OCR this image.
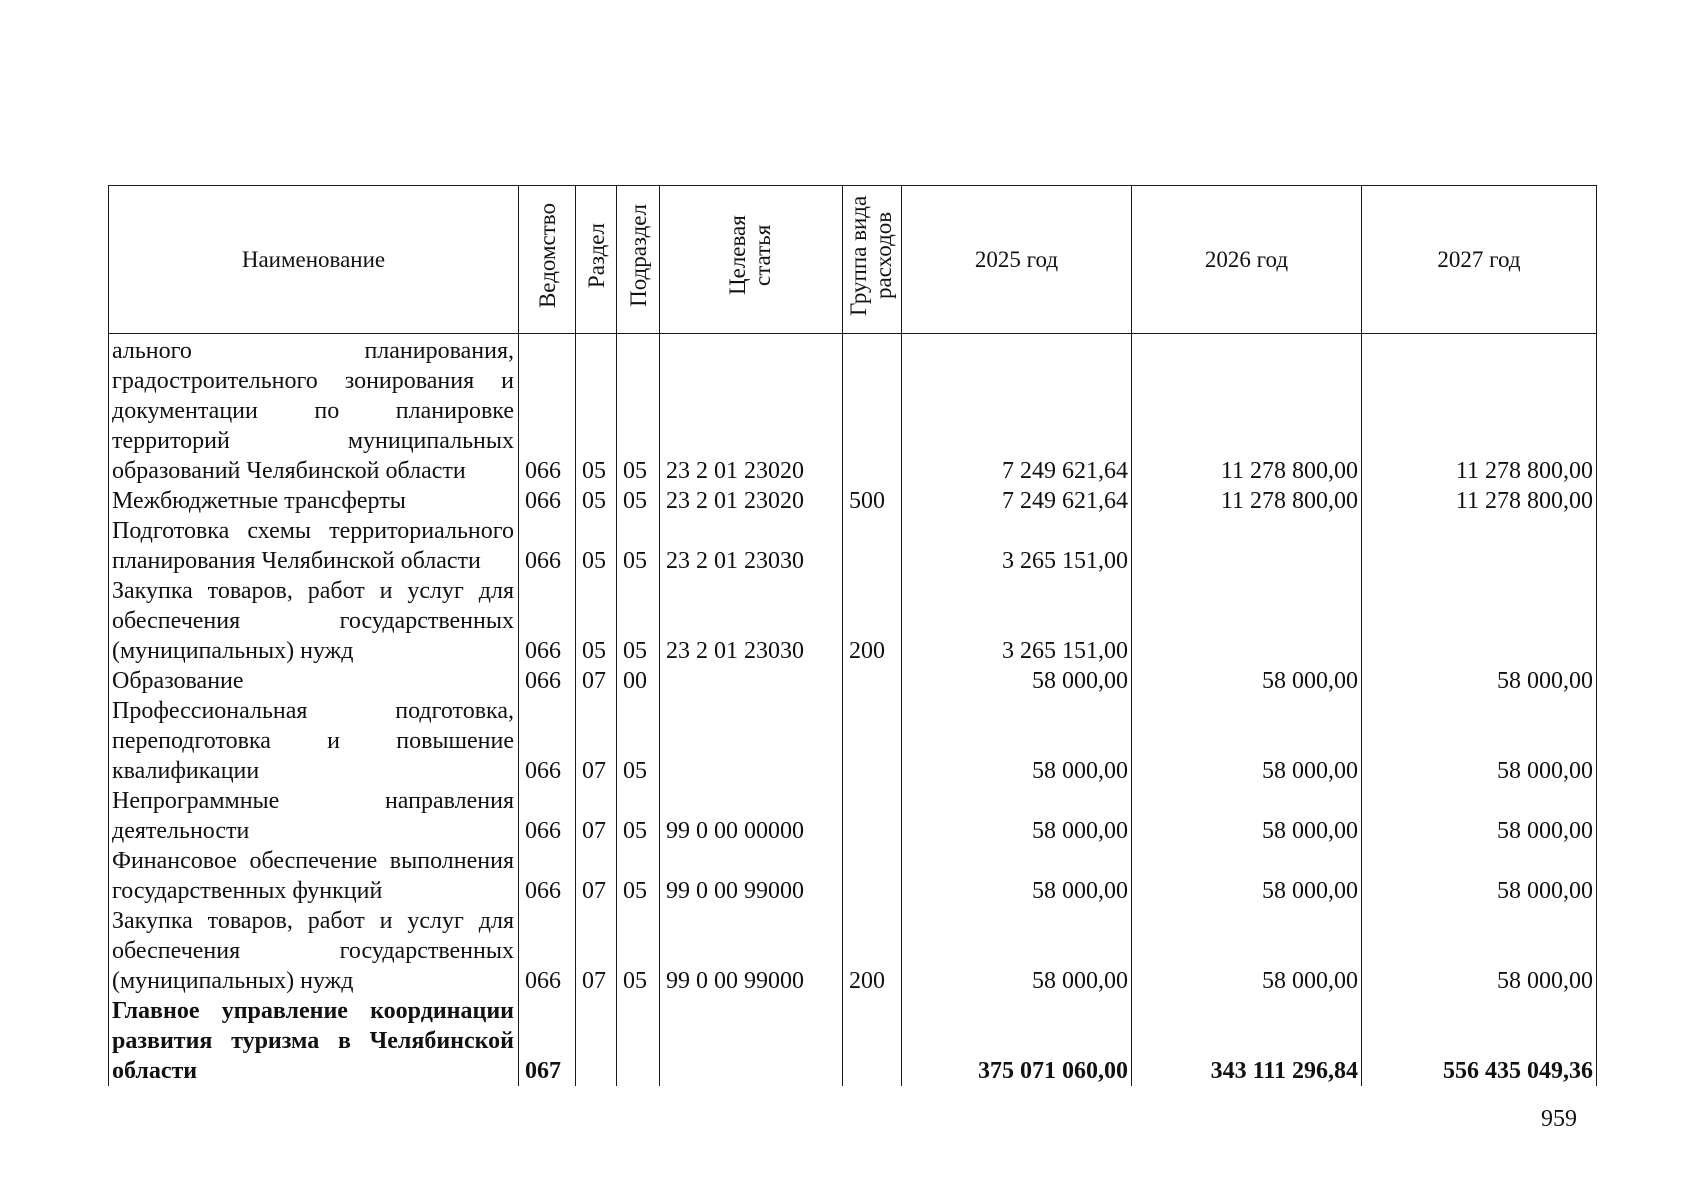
Наименование	Ведомство	Раздел	Подраздел	Целевая статья	Группа вида расходов	2025 год	2026 год	2027 год
ального планирования, градостроительного зонирования и документации по планировке территорий муниципальных образований Челябинской области	066	05	05	23 2 01 23020		7 249 621,64	11 278 800,00	11 278 800,00
Межбюджетные трансферты	066	05	05	23 2 01 23020	500	7 249 621,64	11 278 800,00	11 278 800,00
Подготовка схемы территориального планирования Челябинской области	066	05	05	23 2 01 23030		3 265 151,00		
Закупка товаров, работ и услуг для обеспечения государственных (муниципальных) нужд	066	05	05	23 2 01 23030	200	3 265 151,00		
Образование	066	07	00			58 000,00	58 000,00	58 000,00
Профессиональная подготовка, переподготовка и повышение квалификации	066	07	05			58 000,00	58 000,00	58 000,00
Непрограммные направления деятельности	066	07	05	99 0 00 00000		58 000,00	58 000,00	58 000,00
Финансовое обеспечение выполнения государственных функций	066	07	05	99 0 00 99000		58 000,00	58 000,00	58 000,00
Закупка товаров, работ и услуг для обеспечения государственных (муниципальных) нужд	066	07	05	99 0 00 99000	200	58 000,00	58 000,00	58 000,00
Главное управление координации развития туризма в Челябинской области	067					375 071 060,00	343 111 296,84	556 435 049,36
959
